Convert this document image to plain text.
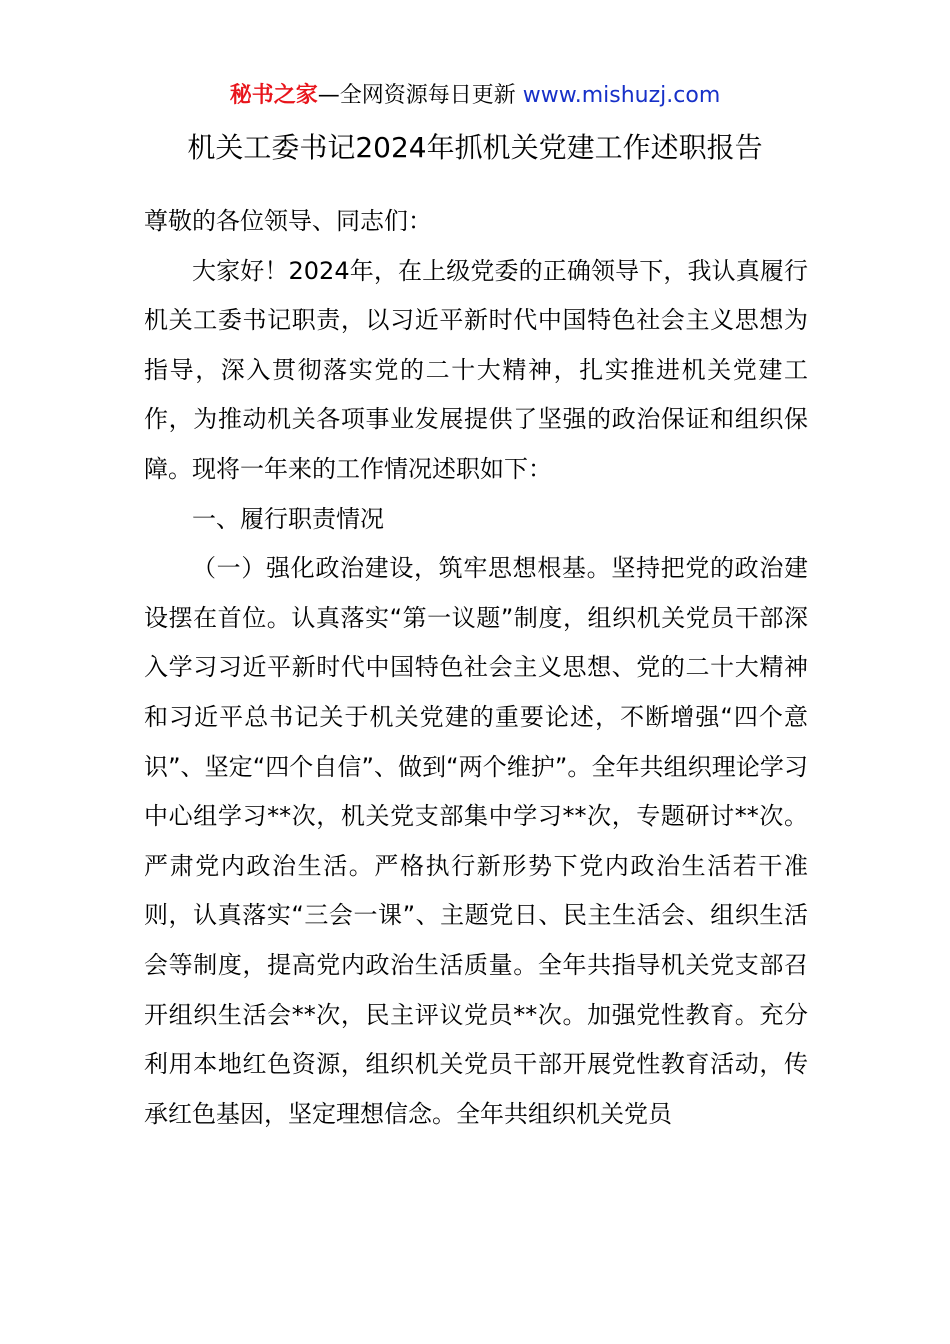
秘书之家—全网资源每日更新 www.mishuzj.com
机关工委书记2024年抓机关党建工作述职报告

尊敬的各位领导、同志们：

大家好！2024年，在上级党委的正确领导下，我认真履行机关工委书记职责，以习近平新时代中国特色社会主义思想为指导，深入贯彻落实党的二十大精神，扎实推进机关党建工作，为推动机关各项事业发展提供了坚强的政治保证和组织保障。现将一年来的工作情况述职如下：

一、履行职责情况

（一）强化政治建设，筑牢思想根基。坚持把党的政治建设摆在首位。认真落实“第一议题”制度，组织机关党员干部深入学习习近平新时代中国特色社会主义思想、党的二十大精神和习近平总书记关于机关党建的重要论述，不断增强“四个意识”、坚定“四个自信”、做到“两个维护”。全年共组织理论学习中心组学习**次，机关党支部集中学习**次，专题研讨**次。严肃党内政治生活。严格执行新形势下党内政治生活若干准则，认真落实“三会一课”、主题党日、民主生活会、组织生活会等制度，提高党内政治生活质量。全年共指导机关党支部召开组织生活会**次，民主评议党员**次。加强党性教育。充分利用本地红色资源，组织机关党员干部开展党性教育活动，传承红色基因，坚定理想信念。全年共组织机关党员
